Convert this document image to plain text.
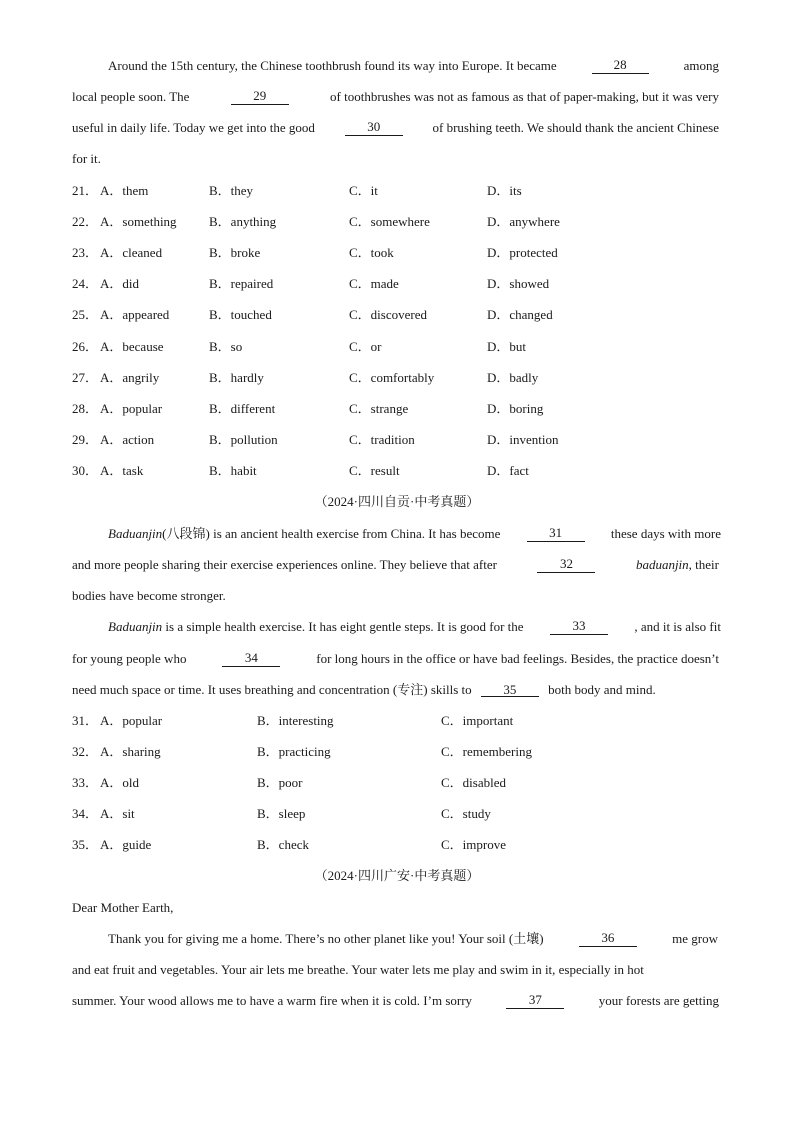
Around the 15th century, the Chinese toothbrush found its way into Europe. It became	28	among
local people soon. The	29	of toothbrushes was not as famous as that of paper-making, but it was very
useful in daily life. Today we get into the good	30	of brushing teeth. We should thank the ancient Chinese
for it.
21． A．them	B．they	C．it	D．its
22． A．something B．anything	C．somewhere	D．anywhere
23． A．cleaned	B．broke	C．took	D．protected
24． A．did	B．repaired	C．made	D．showed
25． A．appeared	B．touched	C．discovered	D．changed
26． A．because	B．so	C．or	D．but
27． A．angrily	B．hardly	C．comfortably	D．badly
28． A．popular	B．different	C．strange	D．boring
29． A．action	B．pollution	C．tradition	D．invention
30． A．task	B．habit	C．result	D．fact
（2024·四川自贡·中考真题）
Baduanjin(八段锦) is an ancient health exercise from China. It has become	31	these days with more
and more people sharing their exercise experiences online. They believe that after	32	baduanjin, their
bodies have become stronger.
Baduanjin is a simple health exercise. It has eight gentle steps. It is good for the	33	, and it is also fit
for young people who	34	for long hours in the office or have bad feelings. Besides, the practice doesn’t
need much space or time. It uses breathing and concentration (专注) skills to 35 both body and mind.
31． A．popular	B．interesting	C．important
32． A．sharing	B．practicing	C．remembering
33． A．old	B．poor	C．disabled
34． A．sit	B．sleep	C．study
35． A．guide	B．check	C．improve
（2024·四川广安·中考真题）
Dear Mother Earth,
Thank you for giving me a home. There’s no other planet like you! Your soil (土壤)	36	me grow
and eat fruit and vegetables. Your air lets me breathe. Your water lets me play and swim in it, especially in hot
summer. Your wood allows me to have a warm fire when it is cold. I’m sorry	37	your forests are getting
